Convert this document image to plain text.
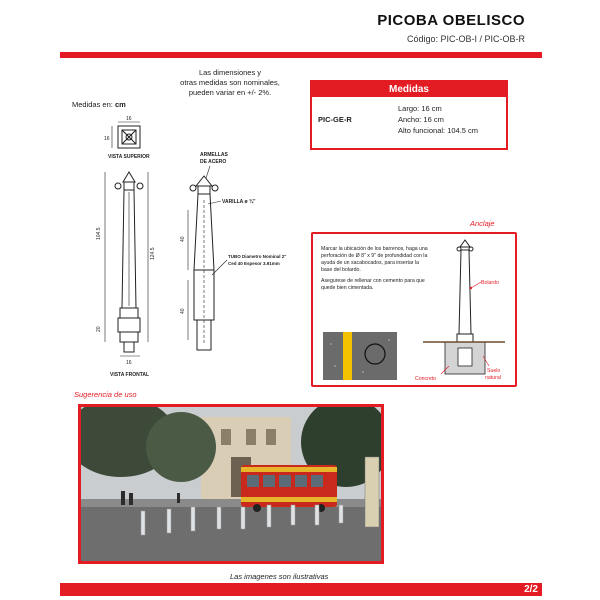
PICOBA OBELISCO
Código: PIC-OB-I / PIC-OB-R
Las dimensiones y
otras medidas son nominales,
pueden variar en +/- 2%.
Medidas en: cm
Medidas
PIC-GE-R
Largo: 16 cm
Ancho: 16 cm
Alto funcional: 104.5 cm
16
16
VISTA SUPERIOR
104.5
124.5
20
16
VISTA FRONTAL
ARMELLAS
DE ACERO
VARILLA ø ¾"
TUBO Diametro Nominal 2"
Ced 40 Espesor 3.91mm
40
40
Anclaje
Marcar la ubicación de los barrenos, haga una
perforación de Ø 8" x 9" de profundidad con la
ayuda de un sacabocados, para insertar la
base del bolardo.
Asegurese de rellenar con cemento para que
quede bien cimentada.
Bolardo
Concreto
Suelo
natural
Sugerencia de uso
Las imagenes son ilustrativas
2/2
